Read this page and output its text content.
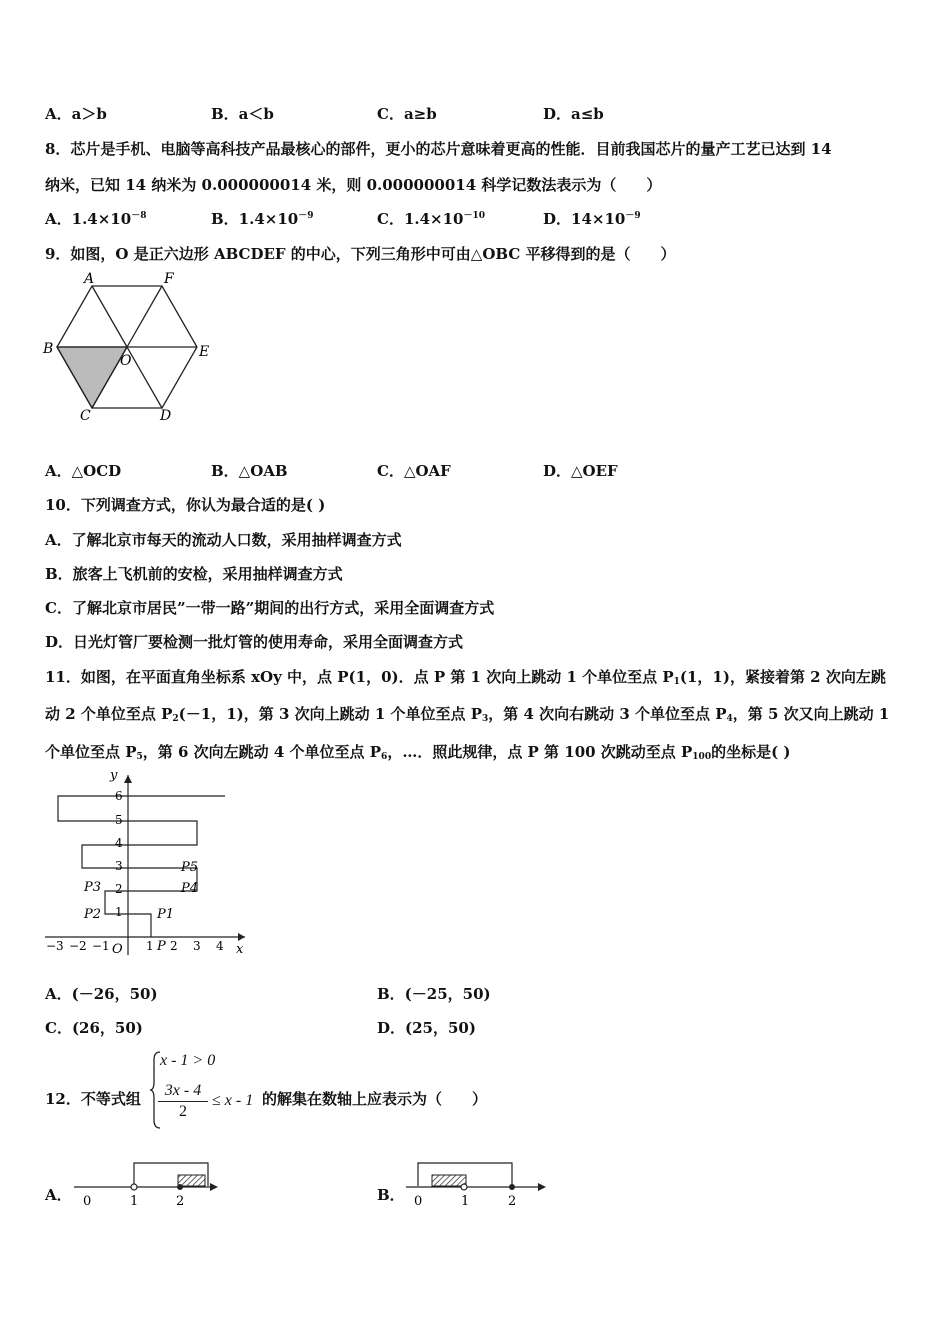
A．a＞b	B．a＜b	C．a≥b	D．a≤b
8．芯片是手机、电脑等高科技产品最核心的部件，更小的芯片意味着更高的性能．目前我国芯片的量产工艺已达到 14
纳米，已知 14 纳米为 0.000000014 米，则 0.000000014 科学记数法表示为（　　）
A．$1.4\times 10^{-8}$	B．$1.4\times 10^{-9}$	C．$1.4\times 10^{-10}$	D．$14\times 10^{-9}$
9．如图，O 是正六边形 ABCDEF 的中心，下列三角形中可由△OBC 平移得到的是（　　）
A	F
B
O
E
C	D
A．△OCD	B．△OAB	C．△OAF	D．△OEF
10．下列调查方式，你认为最合适的是( )
A．了解北京市每天的流动人口数，采用抽样调查方式
B．旅客上飞机前的安检，采用抽样调查方式
C．了解北京市居民”一带一路”期间的出行方式，采用全面调查方式
D．日光灯管厂要检测一批灯管的使用寿命，采用全面调查方式
11．如图，在平面直角坐标系 xOy 中，点 P(1，0)．点 P 第 1 次向上跳动 1 个单位至点 $P_1(1$，1)，紧接着第 2 次向左跳
动 2 个单位至点 $P_2(-1$，1)，第 3 次向上跳动 1 个单位至点 $P_3$，第 4 次向右跳动 3 个单位至点 $P_4$，第 5 次又向上跳动 1
个单位至点 $P_5$，第 6 次向左跳动 4 个单位至点 $P_6$，…．照此规律，点 P 第 100 次跳动至点 $P_{100}$的坐标是( )
y
x
O
1
2
3
4
5
6
−3 −2 −1	1 2 3 4
P
P1
P2
P3	P4
P5
A．(－26，50)	B．(－25，50)
C．(26，50)	D．(25，50)
12．不等式组
x - 1 > 0
3x - 4
2
≤ x - 1 的解集在数轴上应表示为（　　）
A． 0	1	2	B． 0	1	2
